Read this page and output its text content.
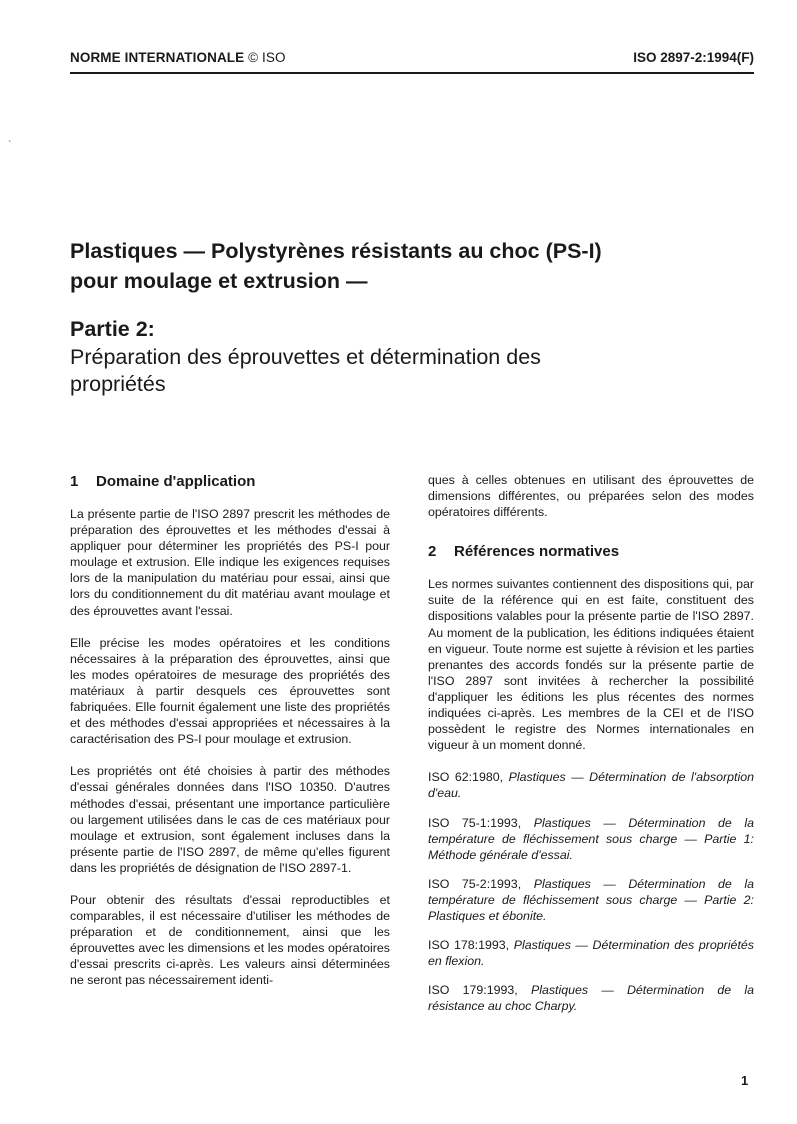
NORME INTERNATIONALE © ISO	ISO 2897-2:1994(F)
`
Plastiques — Polystyrènes résistants au choc (PS-I)
pour moulage et extrusion —
Partie 2:
Préparation des éprouvettes et détermination des
propriétés
1 Domaine d'application

La présente partie de l'ISO 2897 prescrit les méthodes de préparation des éprouvettes et les méthodes d'essai à appliquer pour déterminer les propriétés des PS-I pour moulage et extrusion. Elle indique les exigences requises lors de la manipulation du matériau pour essai, ainsi que lors du conditionnement du dit matériau avant moulage et des éprouvettes avant l'essai.

Elle précise les modes opératoires et les conditions nécessaires à la préparation des éprouvettes, ainsi que les modes opératoires de mesurage des propriétés des matériaux à partir desquels ces éprouvettes sont fabriquées. Elle fournit également une liste des propriétés et des méthodes d'essai appropriées et nécessaires à la caractérisation des PS-I pour moulage et extrusion.

Les propriétés ont été choisies à partir des méthodes d'essai générales données dans l'ISO 10350. D'autres méthodes d'essai, présentant une importance particulière ou largement utilisées dans le cas de ces matériaux pour moulage et extrusion, sont également incluses dans la présente partie de l'ISO 2897, de même qu'elles figurent dans les propriétés de désignation de l'ISO 2897-1.

Pour obtenir des résultats d'essai reproductibles et comparables, il est nécessaire d'utiliser les méthodes de préparation et de conditionnement, ainsi que les éprouvettes avec les dimensions et les modes opératoires d'essai prescrits ci-après. Les valeurs ainsi déterminées ne seront pas nécessairement identi-

ques à celles obtenues en utilisant des éprouvettes de dimensions différentes, ou préparées selon des modes opératoires différents.

2 Références normatives

Les normes suivantes contiennent des dispositions qui, par suite de la référence qui en est faite, constituent des dispositions valables pour la présente partie de l'ISO 2897. Au moment de la publication, les éditions indiquées étaient en vigueur. Toute norme est sujette à révision et les parties prenantes des accords fondés sur la présente partie de l'ISO 2897 sont invitées à rechercher la possibilité d'appliquer les éditions les plus récentes des normes indiquées ci-après. Les membres de la CEI et de l'ISO possèdent le registre des Normes internationales en vigueur à un moment donné.

ISO 62:1980, Plastiques — Détermination de l'absorption d'eau.
ISO 75-1:1993, Plastiques — Détermination de la température de fléchissement sous charge — Partie 1: Méthode générale d'essai.
ISO 75-2:1993, Plastiques — Détermination de la température de fléchissement sous charge — Partie 2: Plastiques et ébonite.
ISO 178:1993, Plastiques — Détermination des propriétés en flexion.
ISO 179:1993, Plastiques — Détermination de la résistance au choc Charpy.
1
